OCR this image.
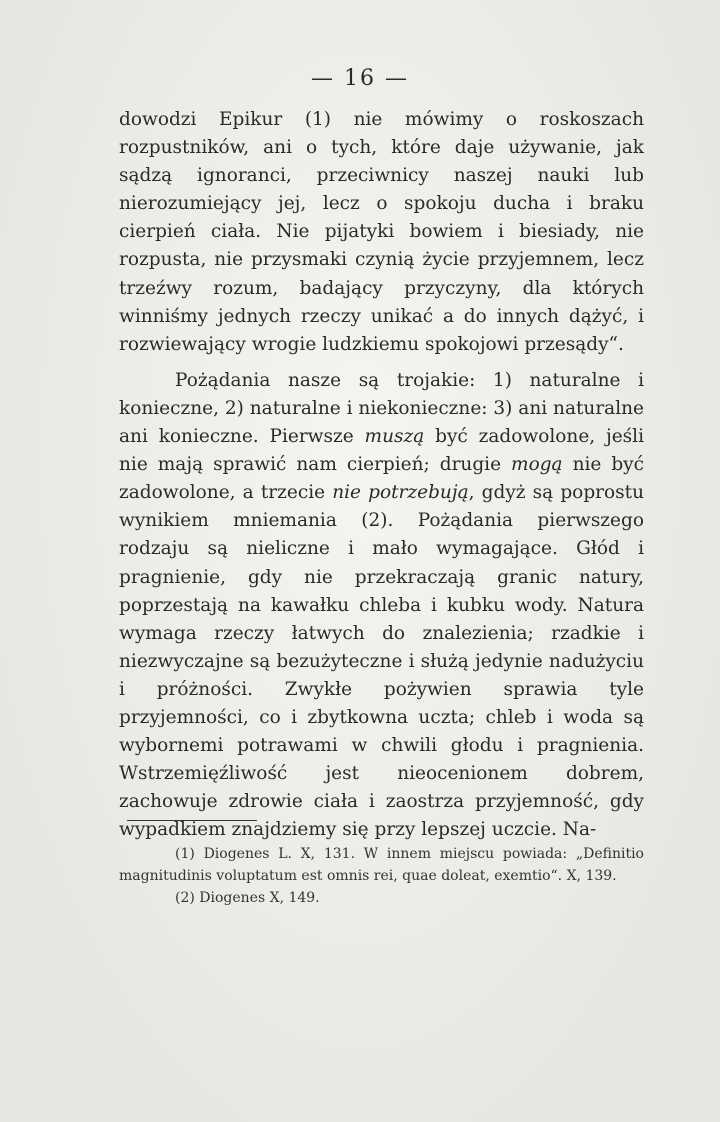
— 16 —

dowodzi Epikur (1) nie mówimy o roskoszach rozpustników, ani o tych, które daje używanie, jak sądzą ignoranci, przeciwnicy naszej nauki lub nierozumiejący jej, lecz o spokoju ducha i braku cierpień ciała. Nie pijatyki bowiem i biesiady, nie rozpusta, nie przysmaki czynią życie przyjemnem, lecz trzeźwy rozum, badający przyczyny, dla których winniśmy jednych rzeczy unikać a do innych dążyć, i rozwiewający wrogie ludzkiemu spokojowi przesądy“.

Pożądania nasze są trojakie: 1) naturalne i konieczne, 2) naturalne i niekonieczne: 3) ani naturalne ani konieczne. Pierwsze muszą być zadowolone, jeśli nie mają sprawić nam cierpień; drugie mogą nie być zadowolone, a trzecie nie potrzebują, gdyż są poprostu wynikiem mniemania (2). Pożądania pierwszego rodzaju są nieliczne i mało wymagające. Głód i pragnienie, gdy nie przekraczają granic natury, poprzestają na kawałku chleba i kubku wody. Natura wymaga rzeczy łatwych do znalezienia; rzadkie i niezwyczajne są bezużyteczne i służą jedynie nadużyciu i próżności. Zwykłe pożywien sprawia tyle przyjemności, co i zbytkowna uczta; chleb i woda są wybornemi potrawami w chwili głodu i pragnienia. Wstrzemięźliwość jest nieocenionem dobrem, zachowuje zdrowie ciała i zaostrza przyjemność, gdy wypadkiem znajdziemy się przy lepszej uczcie. Na-

(1) Diogenes L. X, 131. W innem miejscu powiada: „Definitio magnitudinis voluptatum est omnis rei, quae doleat, exemtio“. X, 139.

(2) Diogenes X, 149.
